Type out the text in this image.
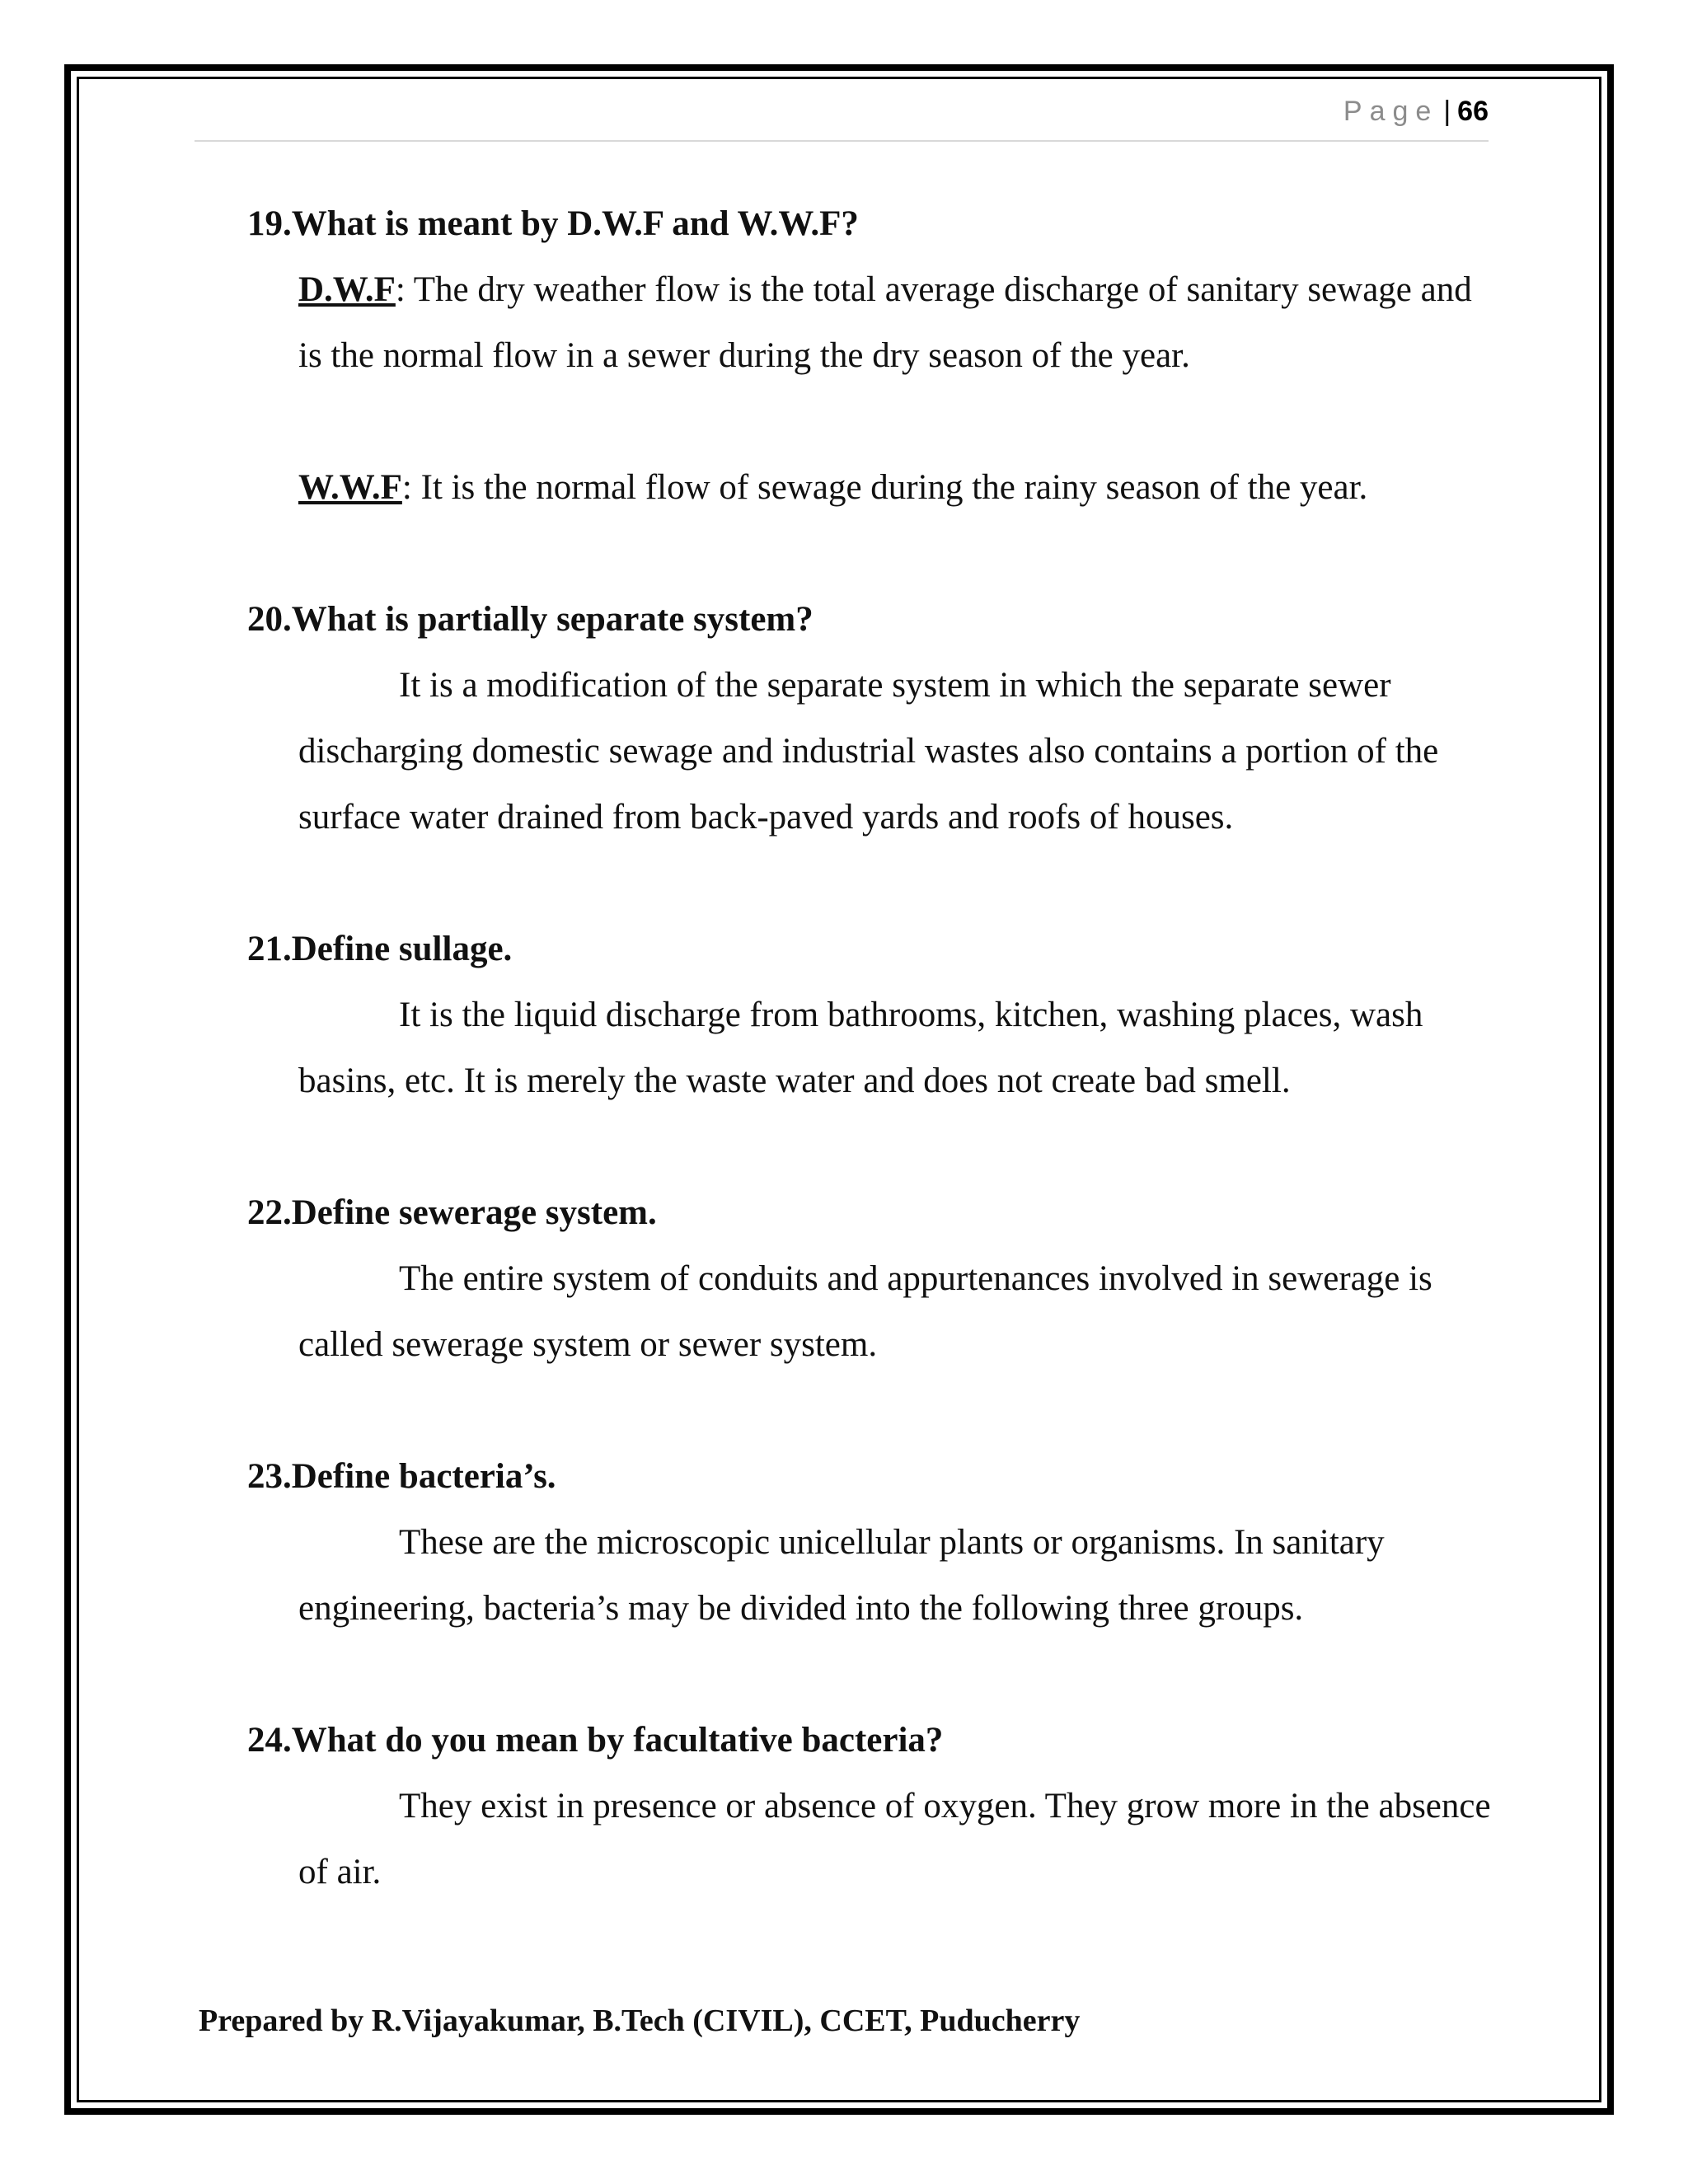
Page | 66

19.What is meant by D.W.F and W.W.F?

D.W.F: The dry weather flow is the total average discharge of sanitary sewage and is the normal flow in a sewer during the dry season of the year.

W.W.F: It is the normal flow of sewage during the rainy season of the year.

20.What is partially separate system?

It is a modification of the separate system in which the separate sewer discharging domestic sewage and industrial wastes also contains a portion of the surface water drained from back-paved yards and roofs of houses.

21.Define sullage.

It is the liquid discharge from bathrooms, kitchen, washing places, wash basins, etc. It is merely the waste water and does not create bad smell.

22.Define sewerage system.

The entire system of conduits and appurtenances involved in sewerage is called sewerage system or sewer system.

23.Define bacteria’s.

These are the microscopic unicellular plants or organisms. In sanitary engineering, bacteria’s may be divided into the following three groups.

24.What do you mean by facultative bacteria?

They exist in presence or absence of oxygen. They grow more in the absence of air.

Prepared by R.Vijayakumar, B.Tech (CIVIL), CCET, Puducherry
